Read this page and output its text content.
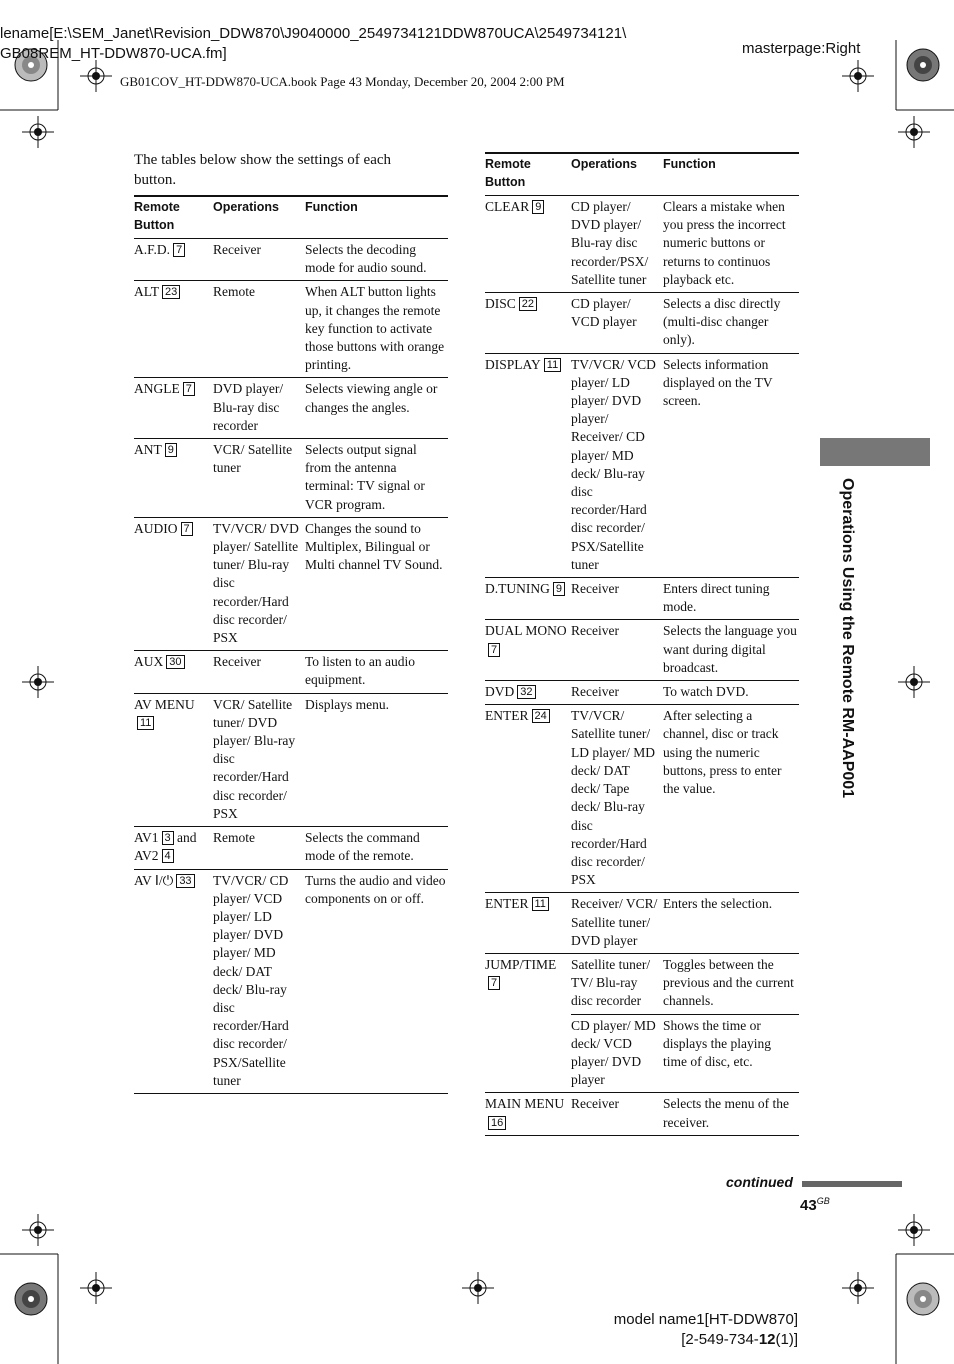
lename[E:\SEM_Janet\Revision_DDW870\J9040000_2549734121DDW870UCA\2549734121\
GB08REM_HT-DDW870-UCA.fm]	masterpage:Right
GB01COV_HT-DDW870-UCA.book Page 43 Monday, December 20, 2004 2:00 PM
The tables below show the settings of each button.
Remote Button	Operations	Function
A.F.D. 7	Receiver	Selects the decoding mode for audio sound.
ALT 23	Remote	When ALT button lights up, it changes the remote key function to activate those buttons with orange printing.
ANGLE 7	DVD player/ Blu-ray disc recorder	Selects viewing angle or changes the angles.
ANT 9	VCR/ Satellite tuner	Selects output signal from the antenna terminal: TV signal or VCR program.
AUDIO 7	TV/VCR/ DVD player/ Satellite tuner/ Blu-ray disc recorder/Hard disc recorder/ PSX	Changes the sound to Multiplex, Bilingual or Multi channel TV Sound.
AUX 30	Receiver	To listen to an audio equipment.
AV MENU11	VCR/ Satellite tuner/ DVD player/ Blu-ray disc recorder/Hard disc recorder/ PSX	Displays menu.
AV1 3 and AV2 4	Remote	Selects the command mode of the remote.
AV Ⅰ/⏻ 33	TV/VCR/ CD player/ VCD player/ LD player/ DVD player/ MD deck/ DAT deck/ Blu-ray disc recorder/Hard disc recorder/ PSX/Satellite tuner	Turns the audio and video components on or off.
Remote Button	Operations	Function
CLEAR 9	CD player/ DVD player/ Blu-ray disc recorder/PSX/ Satellite tuner	Clears a mistake when you press the incorrect numeric buttons or returns to continuos playback etc.
DISC 22	CD player/ VCD player	Selects a disc directly (multi-disc changer only).
DISPLAY 11	TV/VCR/ VCD player/ LD player/ DVD player/ Receiver/ CD player/ MD deck/ Blu-ray disc recorder/Hard disc recorder/ PSX/Satellite tuner	Selects information displayed on the TV screen.
D.TUNING 9	Receiver	Enters direct tuning mode.
DUAL MONO7	Receiver	Selects the language you want during digital broadcast.
DVD 32	Receiver	To watch DVD.
ENTER 24	TV/VCR/ Satellite tuner/ LD player/ MD deck/ DAT deck/ Tape deck/ Blu-ray disc recorder/Hard disc recorder/ PSX	After selecting a channel, disc or track using the numeric buttons, press to enter the value.
ENTER 11	Receiver/ VCR/ Satellite tuner/ DVD player	Enters the selection.
JUMP/TIME7	Satellite tuner/ TV/ Blu-ray disc recorder	Toggles between the previous and the current channels.
	CD player/ MD deck/ VCD player/ DVD player	Shows the time or displays the playing time of disc, etc.
MAIN MENU16	Receiver	Selects the menu of the receiver.
Operations Using the Remote RM-AAP001
continued
$43^{GB}$
model name1[HT-DDW870]
[2-549-734-12(1)]
